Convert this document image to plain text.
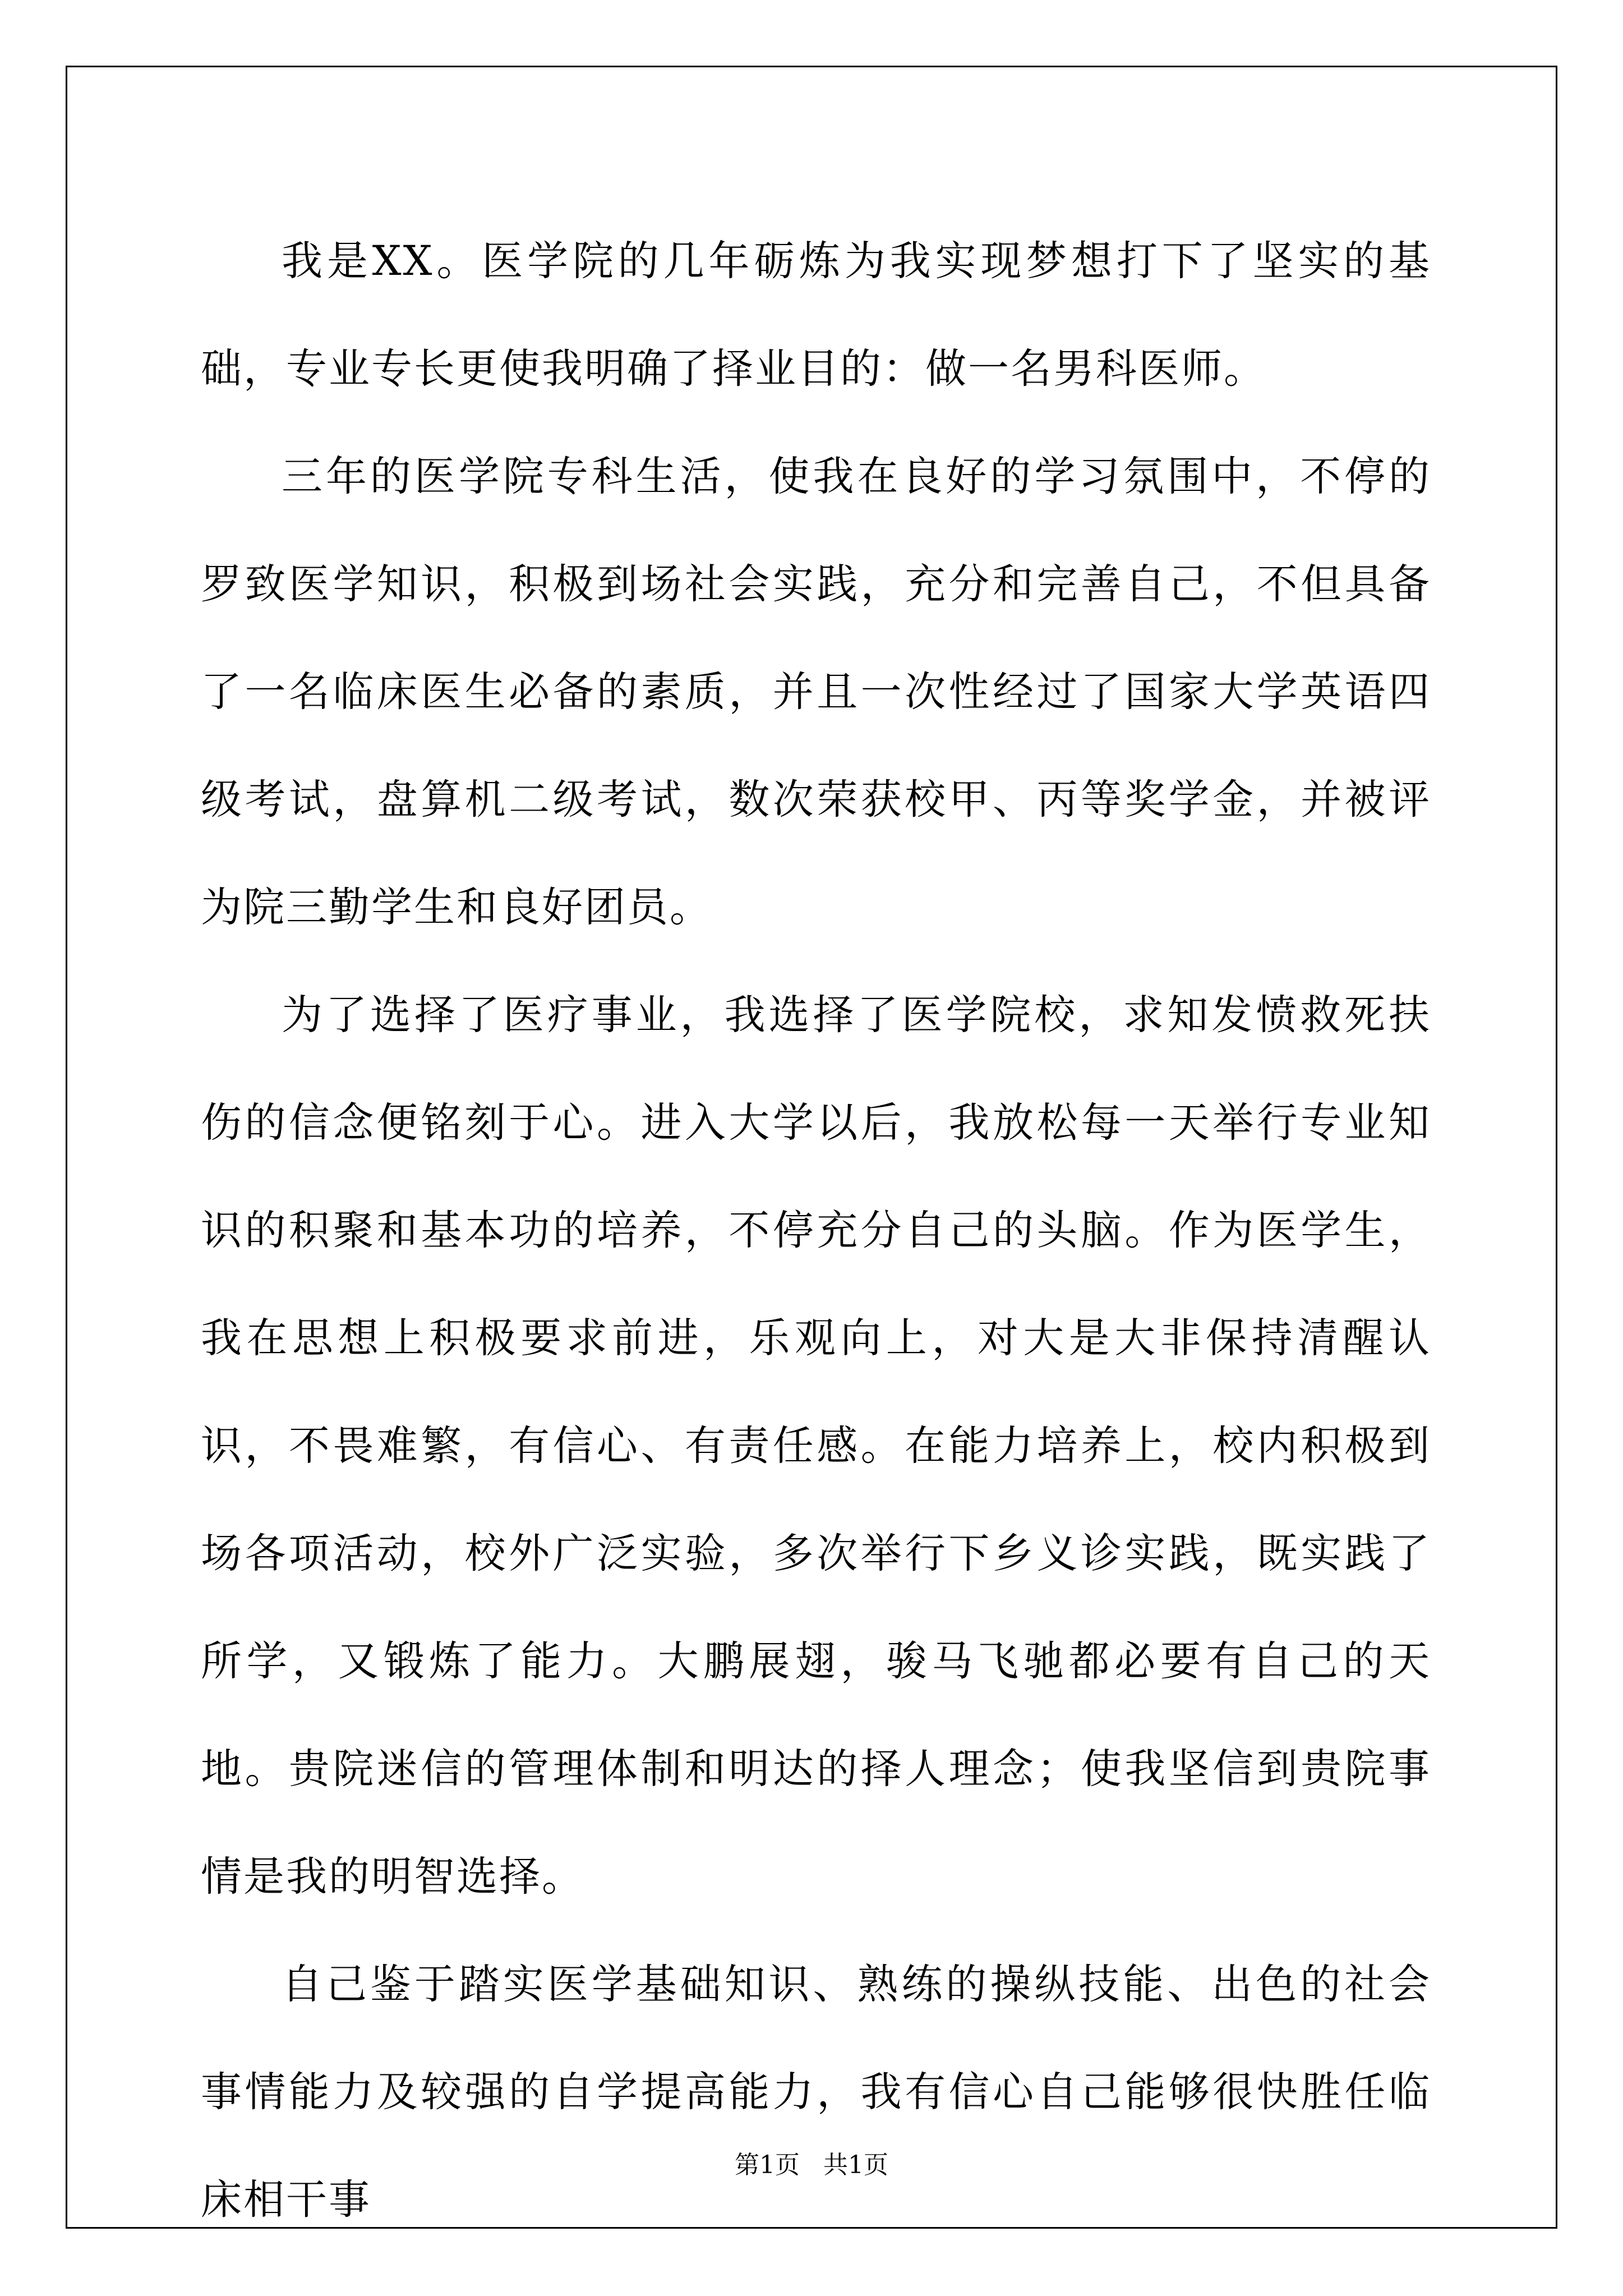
我是XX。医学院的几年砺炼为我实现梦想打下了坚实的基础，专业专长更使我明确了择业目的：做一名男科医师。

三年的医学院专科生活，使我在良好的学习氛围中，不停的罗致医学知识，积极到场社会实践，充分和完善自己，不但具备了一名临床医生必备的素质，并且一次性经过了国家大学英语四级考试，盘算机二级考试，数次荣获校甲、丙等奖学金，并被评为院三勤学生和良好团员。

为了选择了医疗事业，我选择了医学院校，求知发愤救死扶伤的信念便铭刻于心。进入大学以后，我放松每一天举行专业知识的积聚和基本功的培养，不停充分自己的头脑。作为医学生，我在思想上积极要求前进，乐观向上，对大是大非保持清醒认识，不畏难繁，有信心、有责任感。在能力培养上，校内积极到场各项活动，校外广泛实验，多次举行下乡义诊实践，既实践了所学，又锻炼了能力。大鹏展翅，骏马飞驰都必要有自己的天地。贵院迷信的管理体制和明达的择人理念；使我坚信到贵院事情是我的明智选择。

自己鉴于踏实医学基础知识、熟练的操纵技能、出色的社会事情能力及较强的自学提高能力，我有信心自己能够很快胜任临床相干事

第1页   共1页
